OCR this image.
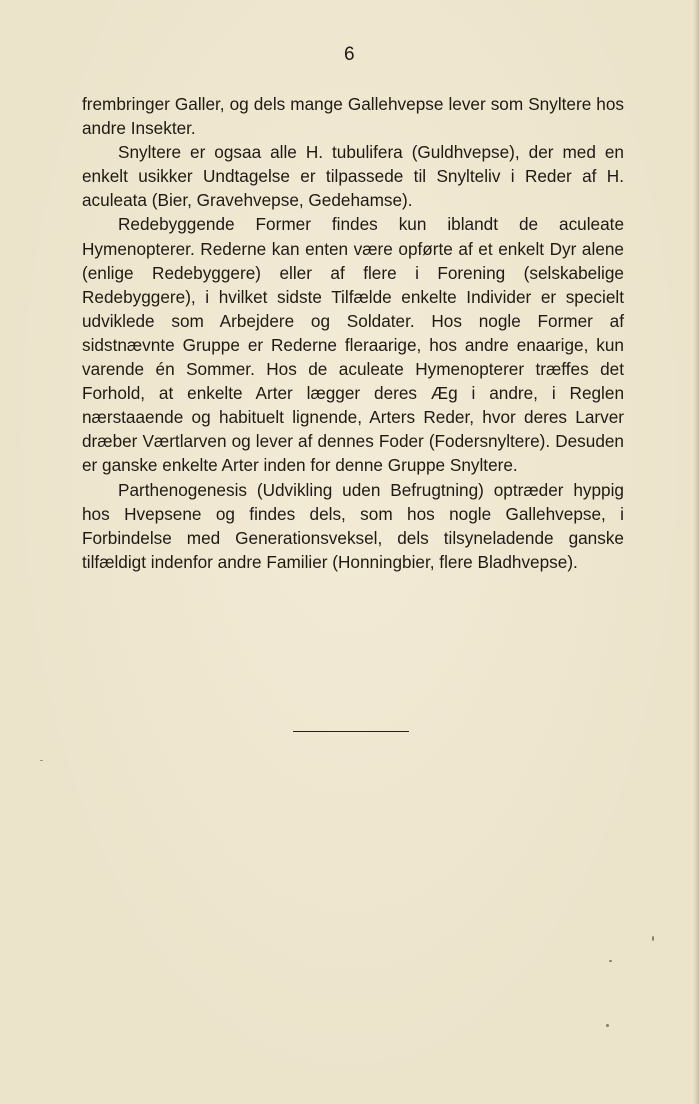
6

frembringer Galler, og dels mange Gallehvepse lever som Snyltere hos andre Insekter.

Snyltere er ogsaa alle H. tubulifera (Guldhvepse), der med en enkelt usikker Undtagelse er tilpassede til Snylteliv i Reder af H. aculeata (Bier, Gravehvepse, Gedehamse).

Redebyggende Former findes kun iblandt de aculeate Hymenopterer. Rederne kan enten være opførte af et enkelt Dyr alene (enlige Redebyggere) eller af flere i Forening (selskabelige Redebyggere), i hvilket sidste Tilfælde enkelte Individer er specielt udviklede som Arbejdere og Soldater. Hos nogle Former af sidstnævnte Gruppe er Rederne fleraarige, hos andre enaarige, kun varende én Sommer. Hos de aculeate Hymenopterer træffes det Forhold, at enkelte Arter lægger deres Æg i andre, i Reglen nærstaaende og habituelt lignende, Arters Reder, hvor deres Larver dræber Værtlarven og lever af dennes Foder (Fodersnyltere). Desuden er ganske enkelte Arter inden for denne Gruppe Snyltere.

Parthenogenesis (Udvikling uden Befrugtning) optræder hyppig hos Hvepsene og findes dels, som hos nogle Gallehvepse, i Forbindelse med Generationsveksel, dels tilsyneladende ganske tilfældigt indenfor andre Familier (Honningbier, flere Bladhvepse).
